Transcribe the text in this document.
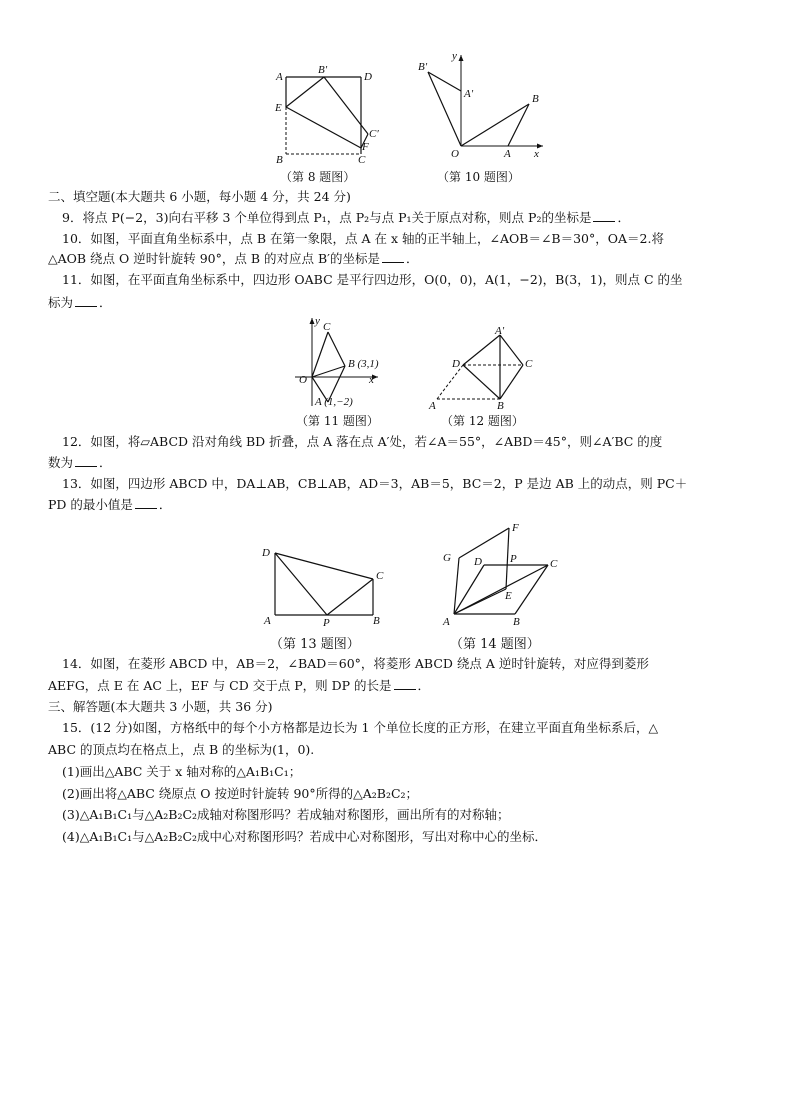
A
B′
D
E
C′
F
B	C
（第 8 题图）
B′
y
A′	B
O	A x
（第 10 题图）
二、填空题(本大题共 6 小题，每小题 4 分，共 24 分)
9．将点 P(−2，3)向右平移 3 个单位得到点 P₁，点 P₂与点 P₁关于原点对称，则点 P₂的坐标是 ．
10．如图，平面直角坐标系中，点 B 在第一象限，点 A 在 x 轴的正半轴上，∠AOB＝∠B＝30°，OA＝2.将
△AOB 绕点 O 逆时针旋转 90°，点 B 的对应点 B′的坐标是 ．
11．如图，在平面直角坐标系中，四边形 OABC 是平行四边形，O(0，0)，A(1，−2)，B(3，1)，则点 C 的坐
标为 ．
y C
B (3,1)
O	x
A (1,−2)
（第 11 题图）
A′
D	C
A	B
（第 12 题图）
12．如图，将▱ABCD 沿对角线 BD 折叠，点 A 落在点 A′处，若∠A＝55°，∠ABD＝45°，则∠A′BC 的度
数为 ．
13．如图，四边形 ABCD 中，DA⊥AB，CB⊥AB，AD＝3，AB＝5，BC＝2，P 是边 AB 上的动点，则 PC＋
PD 的最小值是 ．
D
C
A	P	B
（第 13 题图）
F
G D	P	C
E
A	B
（第 14 题图）
14．如图，在菱形 ABCD 中，AB＝2，∠BAD＝60°，将菱形 ABCD 绕点 A 逆时针旋转，对应得到菱形
AEFG，点 E 在 AC 上，EF 与 CD 交于点 P，则 DP 的长是 ．
三、解答题(本大题共 3 小题，共 36 分)
15．(12 分)如图，方格纸中的每个小方格都是边长为 1 个单位长度的正方形，在建立平面直角坐标系后，△
ABC 的顶点均在格点上，点 B 的坐标为(1，0).
(1)画出△ABC 关于 x 轴对称的△A₁B₁C₁；
(2)画出将△ABC 绕原点 O 按逆时针旋转 90°所得的△A₂B₂C₂；
(3)△A₁B₁C₁与△A₂B₂C₂成轴对称图形吗？若成轴对称图形，画出所有的对称轴；
(4)△A₁B₁C₁与△A₂B₂C₂成中心对称图形吗？若成中心对称图形，写出对称中心的坐标．
